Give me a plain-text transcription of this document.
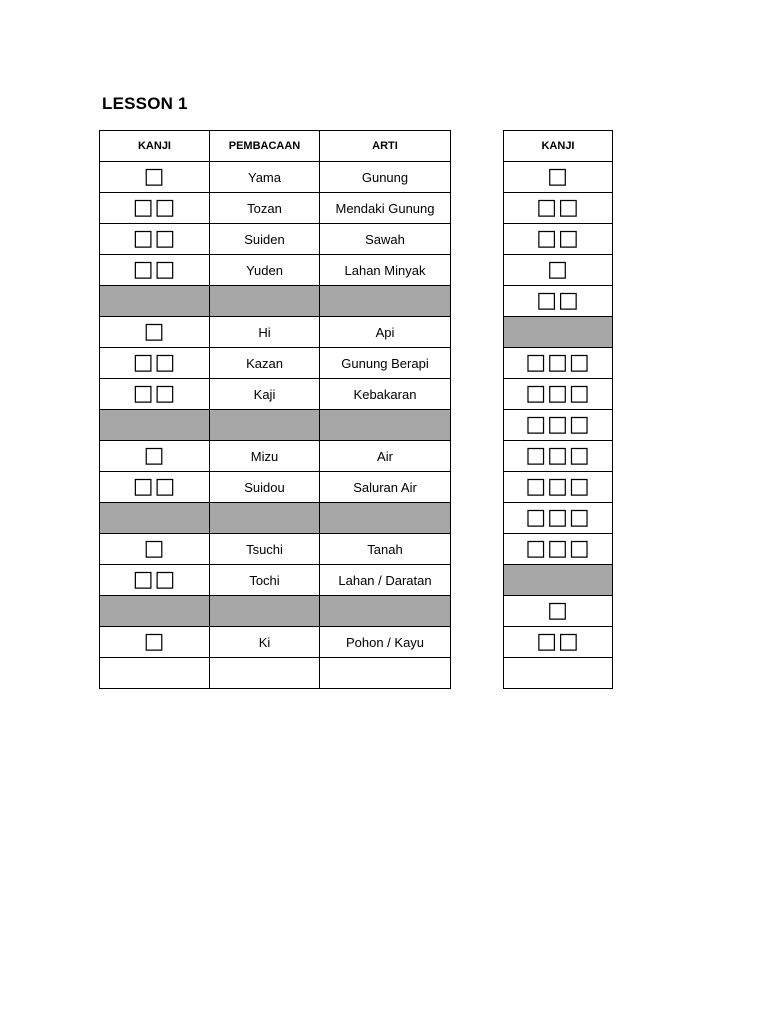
LESSON 1
KANJI	PEMBACAAN	ARTI
□	Yama	Gunung
□□	Tozan	Mendaki Gunung
□□	Suiden	Sawah
□□	Yuden	Lahan Minyak

□	Hi	Api
□□	Kazan	Gunung Berapi
□□	Kaji	Kebakaran

□	Mizu	Air
□□	Suidou	Saluran Air

□	Tsuchi	Tanah
□□	Tochi	Lahan / Daratan

□	Ki	Pohon / Kayu

KANJI
□
□□
□□
□
□□

□□□
□□□
□□□
□□□
□□□
□□□
□□□

□
□□
